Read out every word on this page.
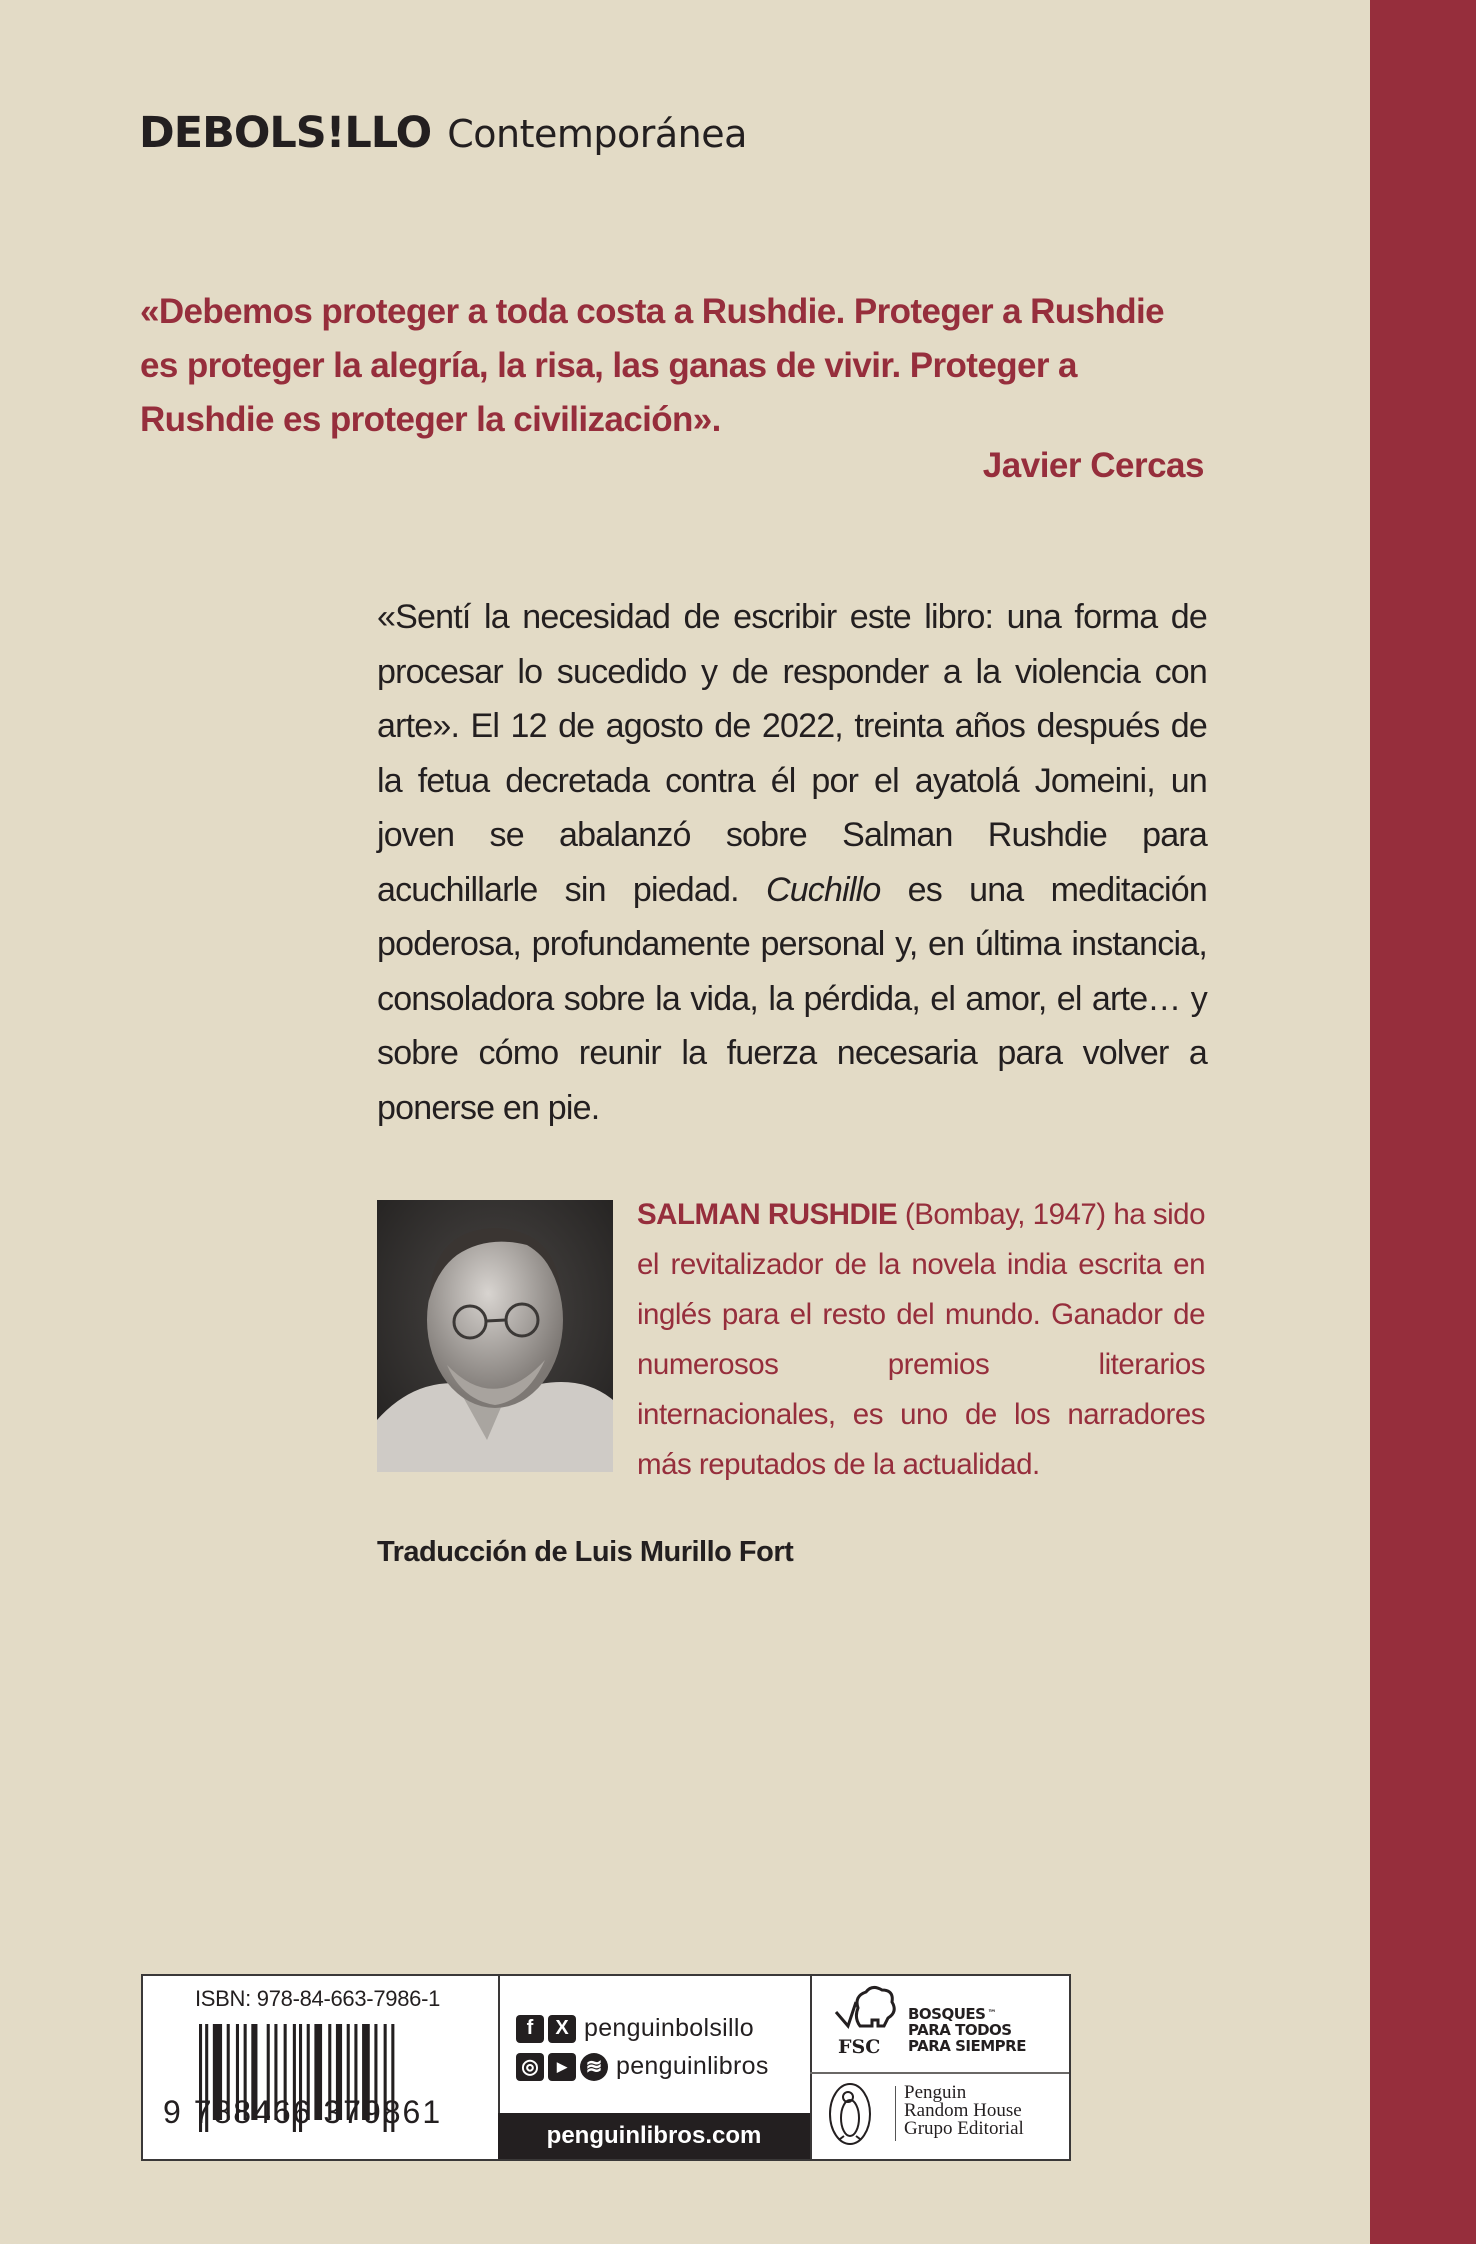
DEBOLS!LLO Contemporánea
«Debemos proteger a toda costa a Rushdie. Proteger a Rushdie es proteger la alegría, la risa, las ganas de vivir. Proteger a Rushdie es proteger la civilización».
Javier Cercas
«Sentí la necesidad de escribir este libro: una forma de procesar lo sucedido y de responder a la violencia con arte». El 12 de agosto de 2022, treinta años después de la fetua decretada contra él por el ayatolá Jomeini, un joven se abalanzó sobre Salman Rushdie para acuchillarle sin piedad. Cuchillo es una meditación poderosa, profundamente personal y, en última instancia, consoladora sobre la vida, la pérdida, el amor, el arte… y sobre cómo reunir la fuerza necesaria para volver a ponerse en pie.
SALMAN RUSHDIE (Bombay, 1947) ha sido el revitalizador de la novela india escrita en inglés para el resto del mundo. Ganador de numerosos premios literarios internacionales, es uno de los narradores más reputados de la actualidad.
Traducción de Luis Murillo Fort
ISBN: 978-84-663-7986-1
9 788466 379861
f	X penguinbolsillo
◎	▶ ≋ penguinlibros
penguinlibros.com
FSC
BOSQUES ™
PARA TODOS
PARA SIEMPRE
Penguin
Random House
Grupo Editorial
